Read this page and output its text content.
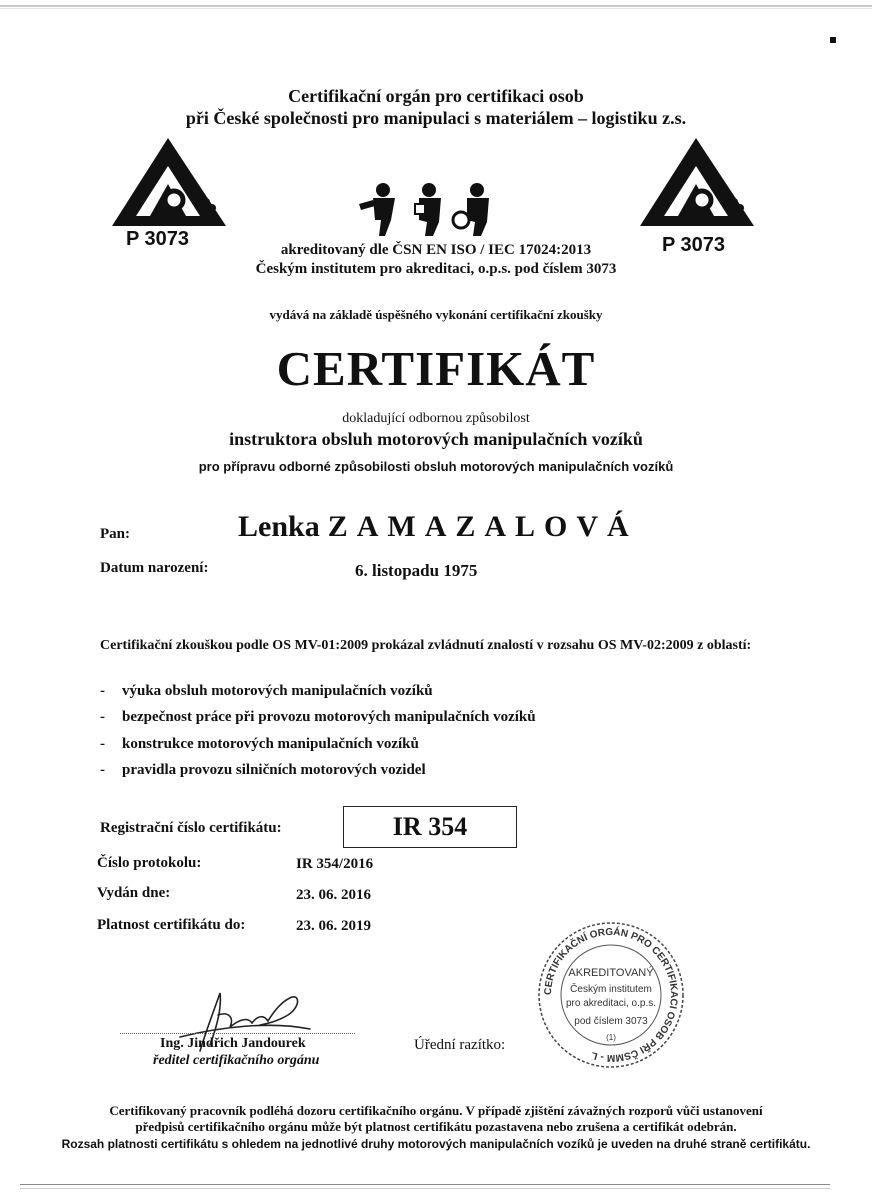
Certifikační orgán pro certifikaci osob
při České společnosti pro manipulaci s materiálem – logistiku z.s.
P 3073	P 3073
akreditovaný dle ČSN EN ISO / IEC 17024:2013
Českým institutem pro akreditaci, o.p.s. pod číslem 3073
vydává na základě úspěšného vykonání certifikační zkoušky
CERTIFIKÁT
dokladující odbornou způsobilost
instruktora obsluh motorových manipulačních vozíků
pro přípravu odborné způsobilosti obsluh motorových manipulačních vozíků
Pan:	Lenka ZAMAZALOVÁ
Datum narození:	6. listopadu 1975
Certifikační zkouškou podle OS MV-01:2009 prokázal zvládnutí znalostí v rozsahu OS MV-02:2009 z oblastí:
- výuka obsluh motorových manipulačních vozíků
- bezpečnost práce při provozu motorových manipulačních vozíků
- konstrukce motorových manipulačních vozíků
- pravidla provozu silničních motorových vozidel
Registrační číslo certifikátu:	IR 354
Číslo protokolu:	IR 354/2016
Vydán dne:	23. 06. 2016
Platnost certifikátu do:	23. 06. 2019
Ing. Jindřich Jandourek
ředitel certifikačního orgánu
Úřední razítko:
CERTIFIKAČNÍ ORGÁN PRO CERTIFIKACI OSOB PŘI ČSMM - L
AKREDITOVANÝ
Českým institutem
pro akreditaci, o.p.s.
pod číslem 3073
(1)
Certifikovaný pracovník podléhá dozoru certifikačního orgánu. V případě zjištění závažných rozporů vůči ustanovení
předpisů certifikačního orgánu může být platnost certifikátu pozastavena nebo zrušena a certifikát odebrán.
Rozsah platnosti certifikátu s ohledem na jednotlivé druhy motorových manipulačních vozíků je uveden na druhé straně certifikátu.
